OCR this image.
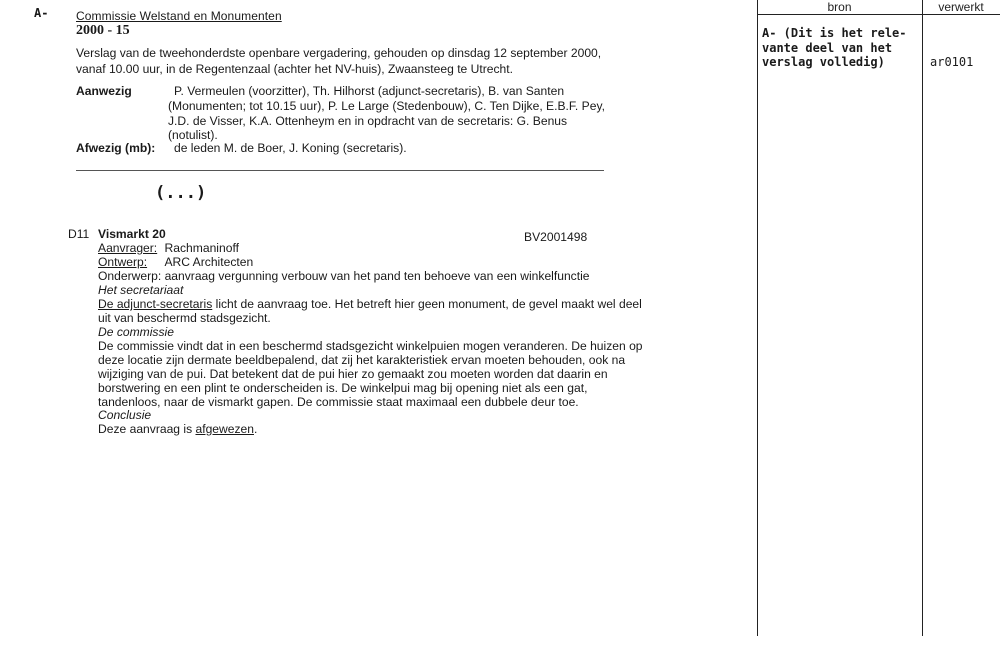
A- Commissie Welstand en Monumenten
2000 - 15
Verslag van de tweehonderdste openbare vergadering, gehouden op dinsdag 12 september 2000,
vanaf 10.00 uur, in de Regentenzaal (achter het NV-huis), Zwaansteeg te Utrecht.
Aanwezig	P. Vermeulen (voorzitter), Th. Hilhorst (adjunct-secretaris), B. van Santen
(Monumenten; tot 10.15 uur), P. Le Large (Stedenbouw), C. Ten Dijke, E.B.F. Pey,
J.D. de Visser, K.A. Ottenheym en in opdracht van de secretaris: G. Benus
(notulist).
Afwezig (mb): de leden M. de Boer, J. Koning (secretaris).
(...)
D11 Vismarkt 20	BV2001498
Aanvrager: Rachmaninoff
Ontwerp: ARC Architecten
Onderwerp: aanvraag vergunning verbouw van het pand ten behoeve van een winkelfunctie
Het secretariaat
De adjunct-secretaris licht de aanvraag toe. Het betreft hier geen monument, de gevel maakt wel deel
uit van beschermd stadsgezicht.
De commissie
De commissie vindt dat in een beschermd stadsgezicht winkelpuien mogen veranderen. De huizen op
deze locatie zijn dermate beeldbepalend, dat zij het karakteristiek ervan moeten behouden, ook na
wijziging van de pui. Dat betekent dat de pui hier zo gemaakt zou moeten worden dat daarin en
borstwering en een plint te onderscheiden is. De winkelpui mag bij opening niet als een gat,
tandenloos, naar de vismarkt gapen. De commissie staat maximaal een dubbele deur toe.
Conclusie
Deze aanvraag is afgewezen.
bron	verwerkt
A- (Dit is het rele-
vante deel van het
verslag volledig)	ar0101
